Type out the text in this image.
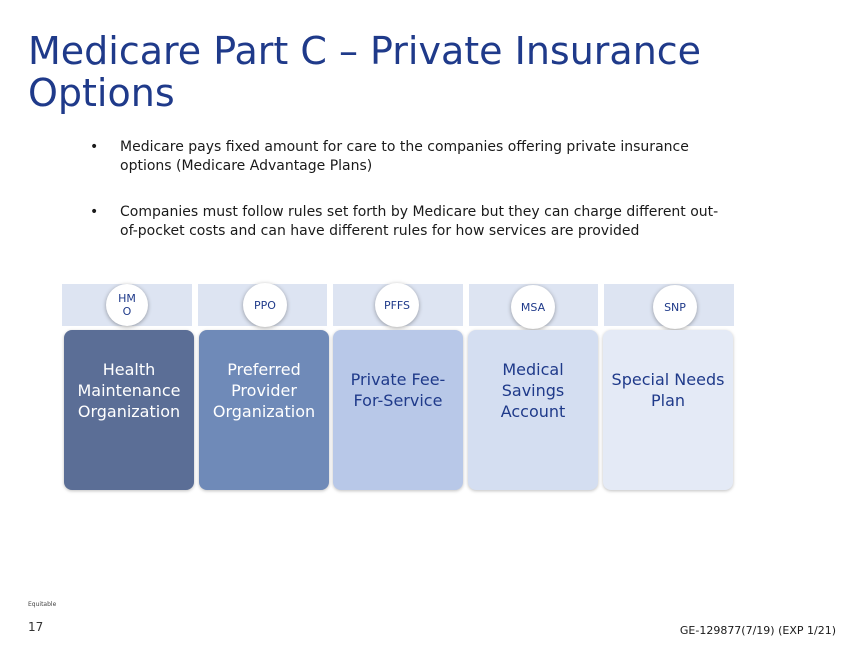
Medicare Part C – Private Insurance Options
• Medicare pays fixed amount for care to the companies offering private insurance options (Medicare Advantage Plans)
• Companies must follow rules set forth by Medicare but they can charge different out-of-pocket costs and can have different rules for how services are provided
HM O	PPO	PFFS	MSA	SNP
Health Maintenance Organization
Preferred Provider Organization
Private Fee-For-Service
Medical Savings Account
Special Needs Plan
Equitable
17	GE-129877(7/19) (EXP 1/21)
